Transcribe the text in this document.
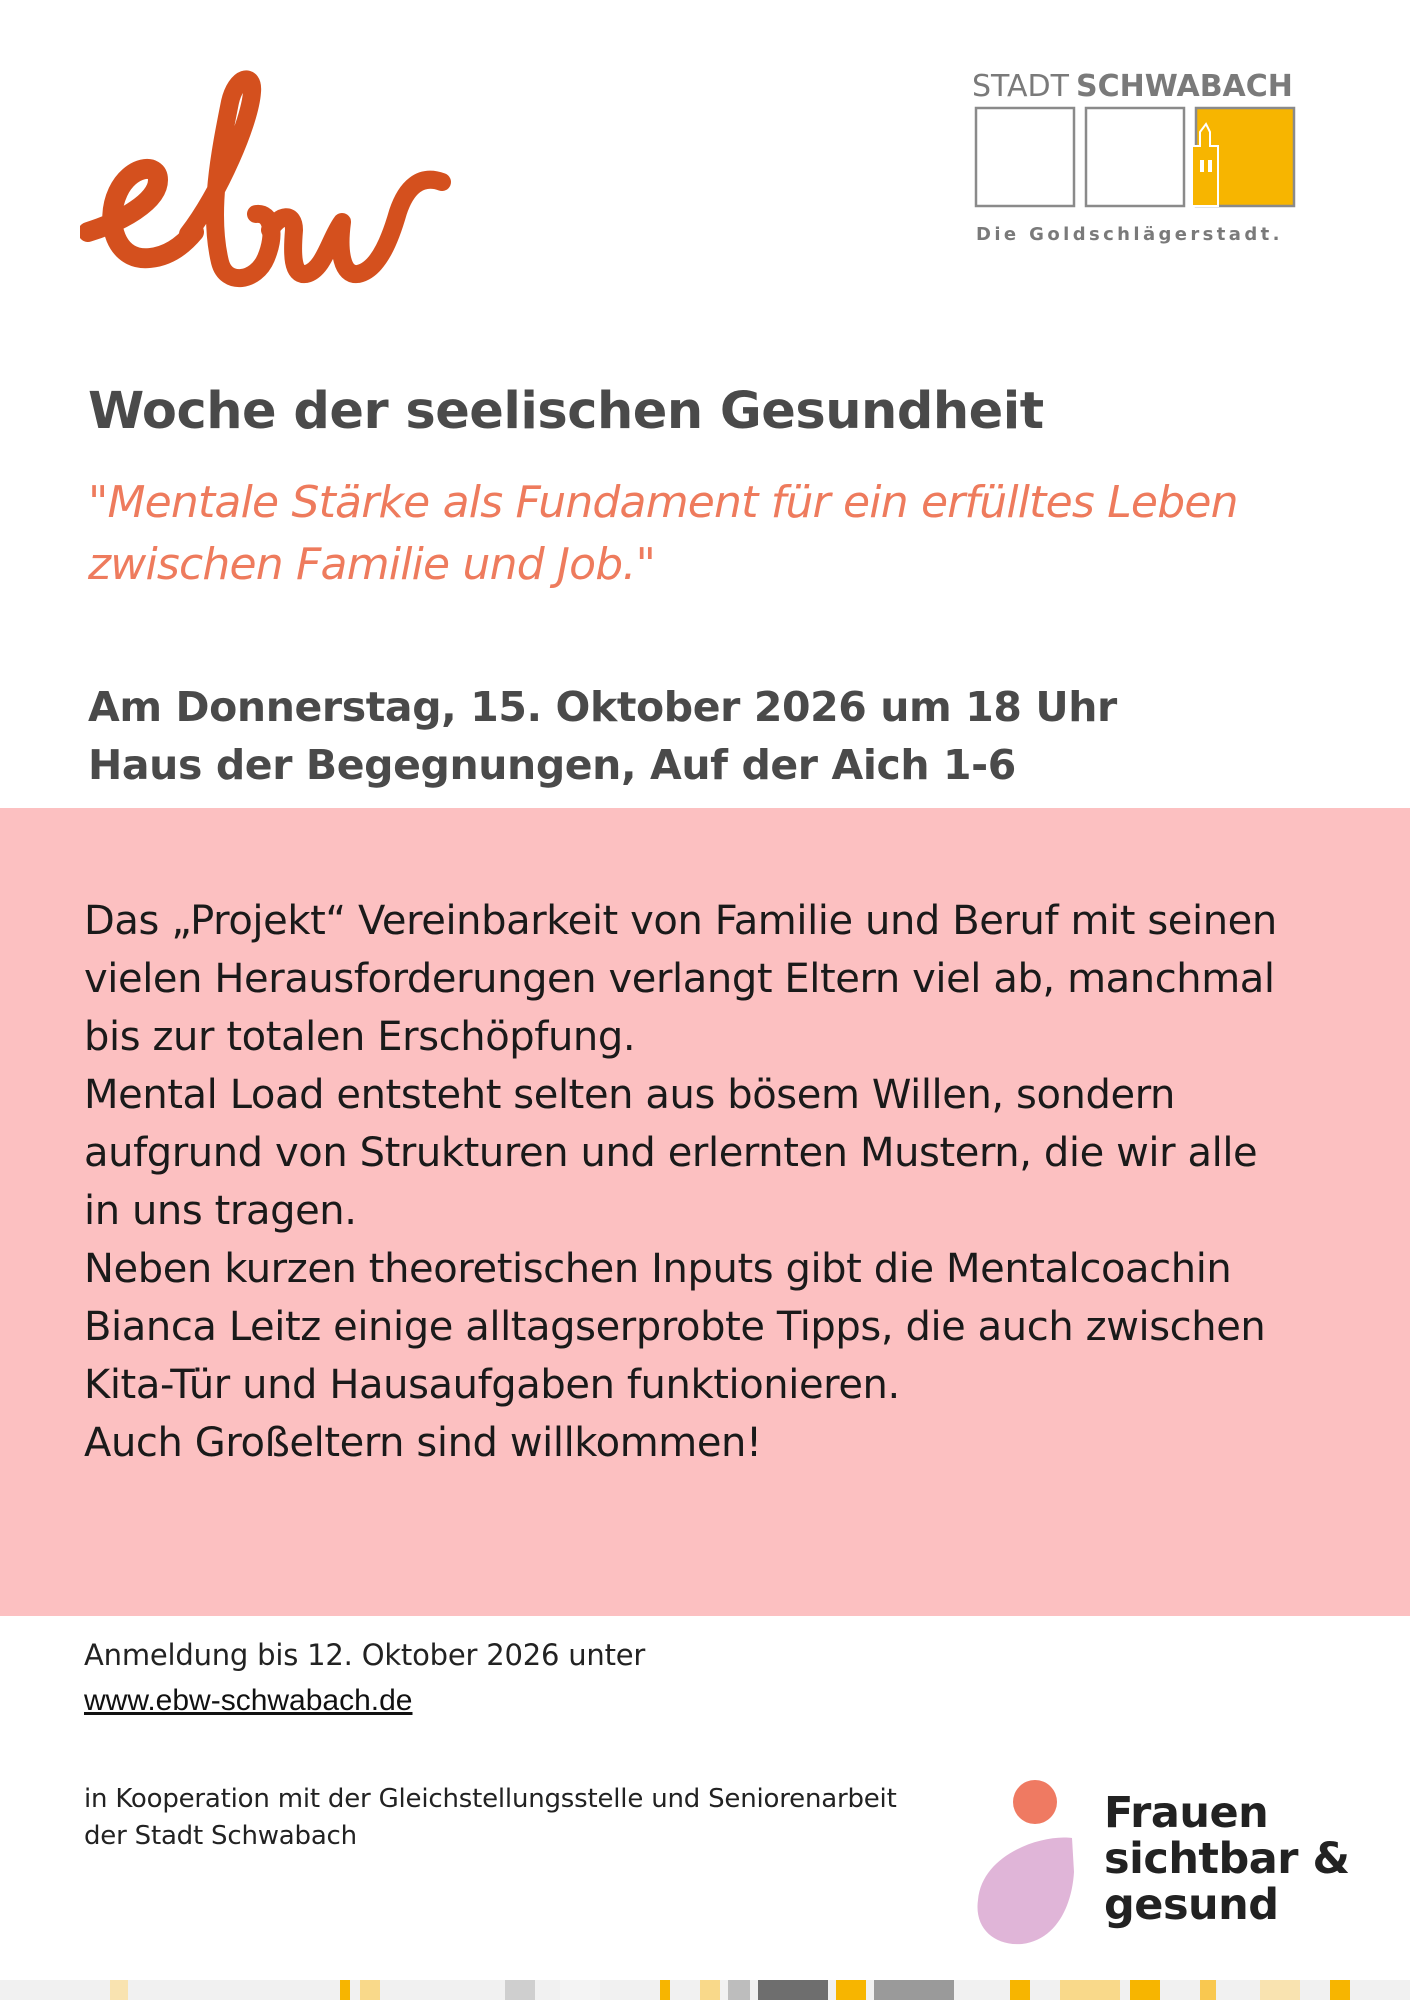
STADT SCHWABACH
Die Goldschlägerstadt.
Woche der seelischen Gesundheit
"Mentale Stärke als Fundament für ein erfülltes Leben
zwischen Familie und Job."
Am Donnerstag, 15. Oktober 2026 um 18 Uhr
Haus der Begegnungen, Auf der Aich 1-6
Das „Projekt“ Vereinbarkeit von Familie und Beruf mit seinen
vielen Herausforderungen verlangt Eltern viel ab, manchmal
bis zur totalen Erschöpfung.
Mental Load entsteht selten aus bösem Willen, sondern
aufgrund von Strukturen und erlernten Mustern, die wir alle
in uns tragen.
Neben kurzen theoretischen Inputs gibt die Mentalcoachin
Bianca Leitz einige alltagserprobte Tipps, die auch zwischen
Kita-Tür und Hausaufgaben funktionieren.
Auch Großeltern sind willkommen!
Anmeldung bis 12. Oktober 2026 unter
www.ebw-schwabach.de
in Kooperation mit der Gleichstellungsstelle und Seniorenarbeit
der Stadt Schwabach	Frauen
sichtbar &
gesund
